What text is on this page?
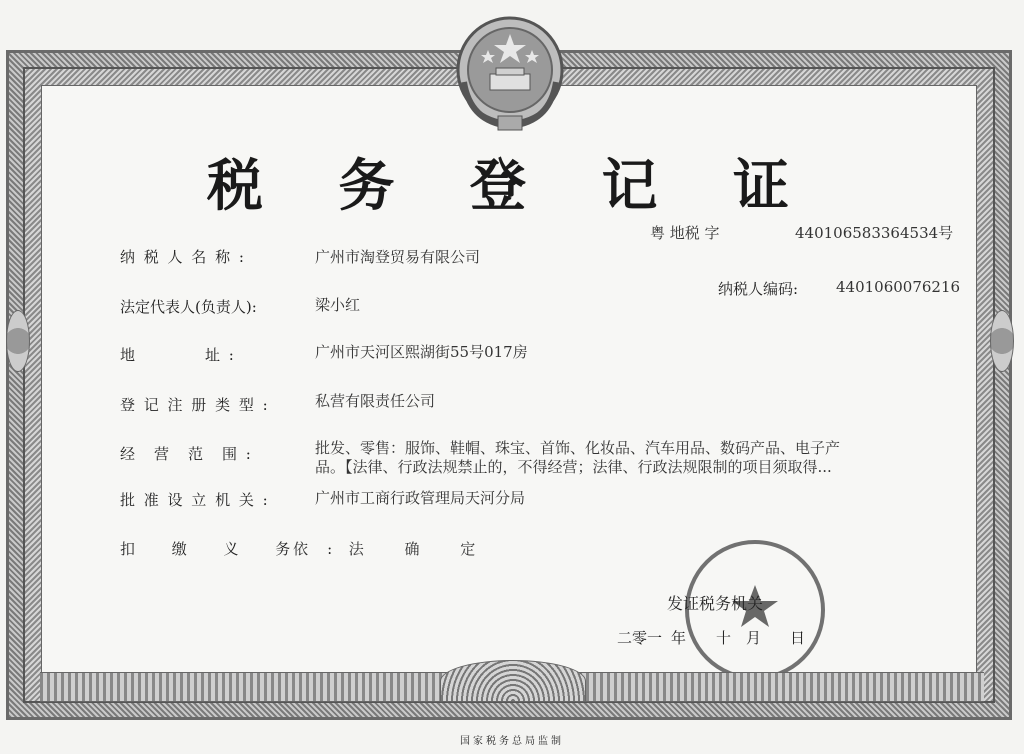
税 务 登 记 证
粤 地税 字	440106583364534号
纳 税 人 名 称 :	广州市淘登贸易有限公司
纳税人编码:	4401060076216
法定代表人(负责人):	梁小红
地　　　　址 :	广州市天河区熙湖街55号017房
登 记 注 册 类 型 :	私营有限责任公司
经　营　范　围 :	批发、零售：服饰、鞋帽、珠宝、首饰、化妆品、汽车用品、数码产品、电子产
品。【法律、行政法规禁止的，不得经营；法律、行政法规限制的项目须取得...
批 准 设 立 机 关 :	广州市工商行政管理局天河分局
扣 缴 义 务 :
依 法 确 定
发证税务机关
二零一 年 十 月 日
国家税务总局监制
